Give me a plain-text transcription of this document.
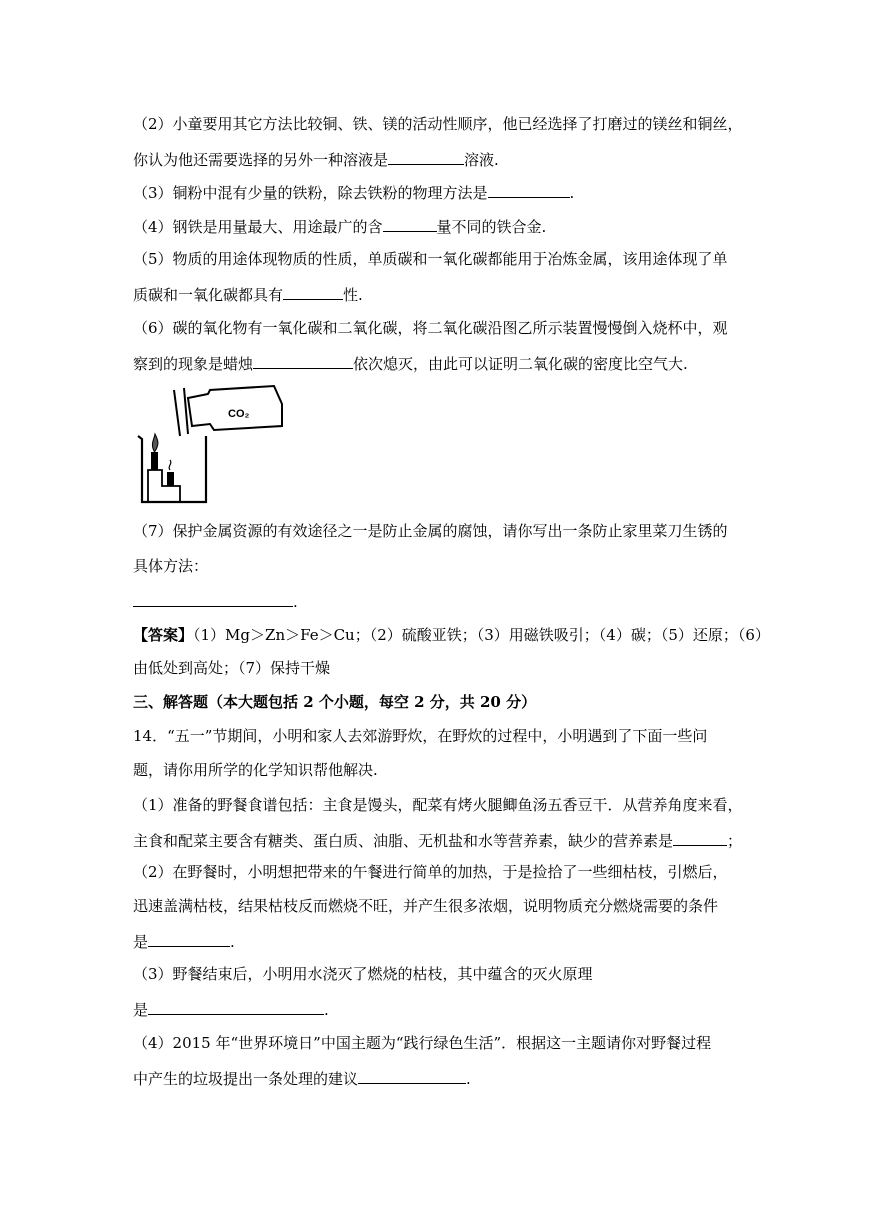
（2）小童要用其它方法比较铜、铁、镁的活动性顺序，他已经选择了打磨过的镁丝和铜丝，
你认为他还需要选择的另外一种溶液是	溶液.
（3）铜粉中混有少量的铁粉，除去铁粉的物理方法是	.
（4）钢铁是用量最大、用途最广的含	量不同的铁合金.
（5）物质的用途体现物质的性质，单质碳和一氧化碳都能用于冶炼金属，该用途体现了单
质碳和一氧化碳都具有	性.
（6）碳的氧化物有一氧化碳和二氧化碳，将二氧化碳沿图乙所示装置慢慢倒入烧杯中，观
察到的现象是蜡烛	依次熄灭，由此可以证明二氧化碳的密度比空气大.
CO₂
（7）保护金属资源的有效途径之一是防止金属的腐蚀，请你写出一条防止家里菜刀生锈的
具体方法：
.
【答案】（1）Mg＞Zn＞Fe＞Cu；（2）硫酸亚铁；（3）用磁铁吸引；（4）碳；（5）还原；（6）
由低处到高处；（7）保持干燥
三、解答题（本大题包括 2 个小题，每空 2 分，共 20 分）
14．“五一”节期间，小明和家人去郊游野炊，在野炊的过程中，小明遇到了下面一些问
题，请你用所学的化学知识帮他解决.
（1）准备的野餐食谱包括：主食是馒头，配菜有烤火腿鲫鱼汤五香豆干．从营养角度来看，
主食和配菜主要含有糖类、蛋白质、油脂、无机盐和水等营养素，缺少的营养素是	；
（2）在野餐时，小明想把带来的午餐进行简单的加热，于是捡拾了一些细枯枝，引燃后，
迅速盖满枯枝，结果枯枝反而燃烧不旺，并产生很多浓烟，说明物质充分燃烧需要的条件
是	.
（3）野餐结束后，小明用水浇灭了燃烧的枯枝，其中蕴含的灭火原理
是	.
（4）2015 年“世界环境日”中国主题为“践行绿色生活”．根据这一主题请你对野餐过程
中产生的垃圾提出一条处理的建议	.
